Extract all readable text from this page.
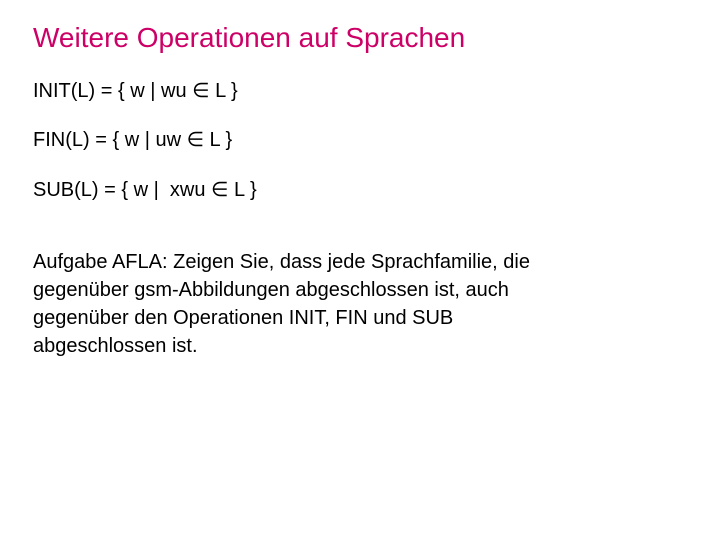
Weitere Operationen auf Sprachen
INIT(L) = { w | wu ∈ L }
FIN(L) = { w | uw ∈ L }
SUB(L) = { w |  xwu ∈ L }
Aufgabe AFLA: Zeigen Sie, dass jede Sprachfamilie, die
gegenüber gsm-Abbildungen abgeschlossen ist, auch
gegenüber den Operationen INIT, FIN und SUB
abgeschlossen ist.
